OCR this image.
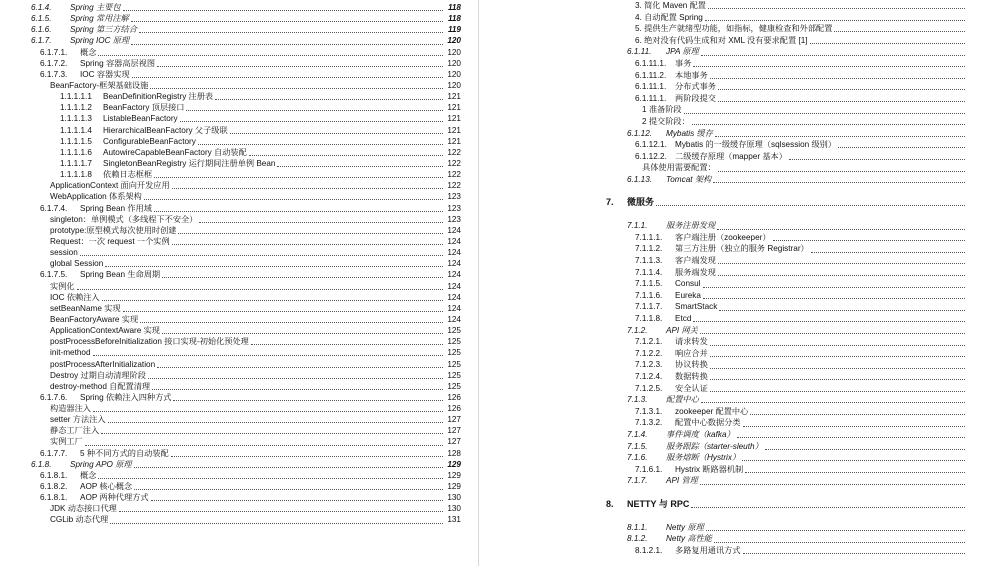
6.1.4.	Spring 主要包	118
6.1.5.	Spring 常用注解	118
6.1.6.	Spring 第三方结合	119
6.1.7.	Spring IOC 原理	120
6.1.7.1.	概念	120
6.1.7.2.	Spring 容器高层视图	120
6.1.7.3.	IOC 容器实现	120
BeanFactory-框架基础设施	120
1.1.1.1.1	BeanDefinitionRegistry 注册表	121
1.1.1.1.2	BeanFactory 顶层接口	121
1.1.1.1.3	ListableBeanFactory	121
1.1.1.1.4	HierarchicalBeanFactory 父子级联	121
1.1.1.1.5	ConfigurableBeanFactory	121
1.1.1.1.6	AutowireCapableBeanFactory 自动装配	122
1.1.1.1.7	SingletonBeanRegistry 运行期间注册单例 Bean	122
1.1.1.1.8	依赖日志框框	122
ApplicationContext 面向开发应用	122
WebApplication 体系架构	123
6.1.7.4.	Spring Bean 作用域	123
singleton：单例模式（多线程下不安全）	123
prototype:原型模式每次使用时创建	124
Request：一次 request 一个实例	124
session	124
global Session	124
6.1.7.5.	Spring Bean 生命周期	124
实例化	124
IOC 依赖注入	124
setBeanName 实现	124
BeanFactoryAware 实现	124
ApplicationContextAware 实现	125
postProcessBeforeInitialization 接口实现-初始化预处理	125
init-method	125
postProcessAfterInitialization	125
Destroy 过期自动清理阶段	125
destroy-method 自配置清理	125
6.1.7.6.	Spring 依赖注入四种方式	126
构造器注入	126
setter 方法注入	127
静态工厂注入	127
实例工厂	127
6.1.7.7.	5 种不同方式的自动装配	128
6.1.8.	Spring APO 原理	129
6.1.8.1.	概念	129
6.1.8.2.	AOP 核心概念	129
6.1.8.1.	AOP 两种代理方式	130
JDK 动态接口代理	130
CGLib 动态代理	131
3. 简化 Maven 配置
4. 自动配置 Spring
5. 提供生产就绪型功能，如指标，健康检查和外部配置
6. 绝对没有代码生成和对 XML 没有要求配置 [1]
6.1.11.	JPA 原理
6.1.11.1.	事务
6.1.11.2.	本地事务
6.1.11.1.	分布式事务
6.1.11.1.	两阶段提交
1 准备阶段
2 提交阶段：
6.1.12.	Mybatis 缓存
6.1.12.1. Mybatis 的一级缓存原理（sqlsession 级别）
6.1.12.2. 二级缓存原理（mapper 基本）
具体使用需要配置：
6.1.13.	Tomcat 架构
7.	微服务
7.1.1.	服务注册发现
7.1.1.1.	客户端注册（zookeeper）
7.1.1.2.	第三方注册（独立的服务 Registrar）
7.1.1.3.	客户端发现
7.1.1.4.	服务端发现
7.1.1.5.	Consul
7.1.1.6.	Eureka
7.1.1.7.	SmartStack
7.1.1.8.	Etcd
7.1.2.	API 网关
7.1.2.1.	请求转发
7.1.2.2.	响应合并
7.1.2.3.	协议转换
7.1.2.4.	数据转换
7.1.2.5.	安全认证
7.1.3.	配置中心
7.1.3.1.	zookeeper 配置中心
7.1.3.2.	配置中心数据分类
7.1.4.	事件调度（kafka）
7.1.5.	服务跟踪（starter-sleuth）
7.1.6.	服务熔断（Hystrix）
7.1.6.1.	Hystrix 断路器机制
7.1.7.	API 管理
8.	NETTY 与 RPC
8.1.1.	Netty 原理
8.1.2.	Netty 高性能
8.1.2.1.	多路复用通讯方式
